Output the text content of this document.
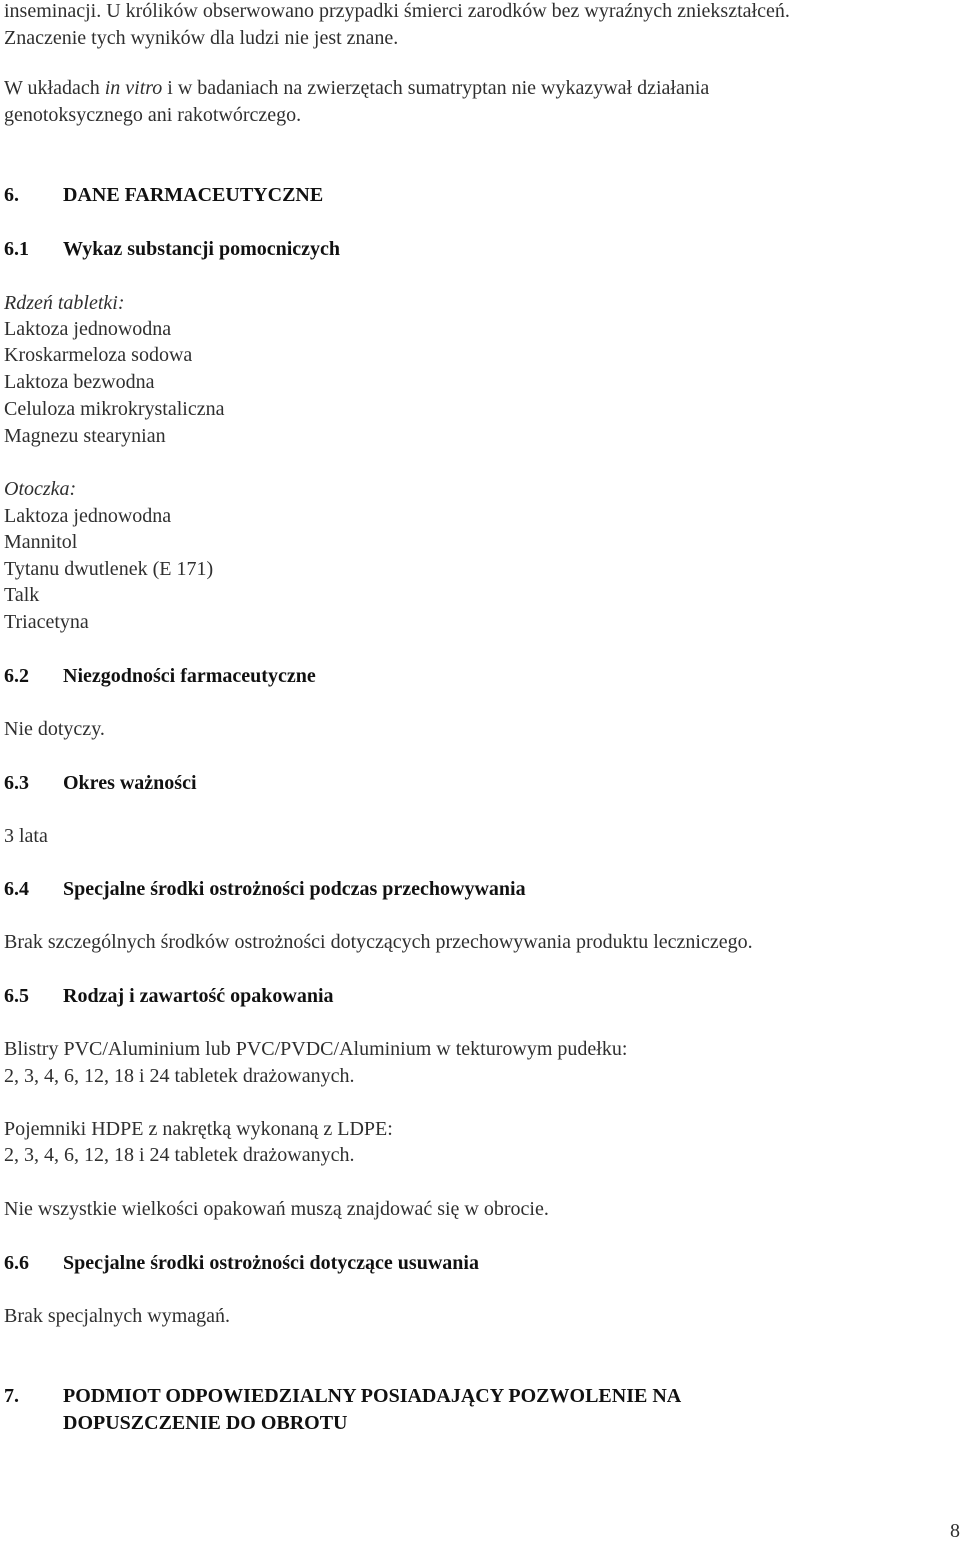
inseminacji. U królików obserwowano przypadki śmierci zarodków bez wyraźnych zniekształceń.
Znaczenie tych wyników dla ludzi nie jest znane.
W układach in vitro i w badaniach na zwierzętach sumatryptan nie wykazywał działania
genotoksycznego ani rakotwórczego.
6. DANE FARMACEUTYCZNE
6.1 Wykaz substancji pomocniczych
Rdzeń tabletki:
Laktoza jednowodna
Kroskarmeloza sodowa
Laktoza bezwodna
Celuloza mikrokrystaliczna
Magnezu stearynian
Otoczka:
Laktoza jednowodna
Mannitol
Tytanu dwutlenek (E 171)
Talk
Triacetyna
6.2 Niezgodności farmaceutyczne
Nie dotyczy.
6.3 Okres ważności
3 lata
6.4 Specjalne środki ostrożności podczas przechowywania
Brak szczególnych środków ostrożności dotyczących przechowywania produktu leczniczego.
6.5 Rodzaj i zawartość opakowania
Blistry PVC/Aluminium lub PVC/PVDC/Aluminium w tekturowym pudełku:
2, 3, 4, 6, 12, 18 i 24 tabletek drażowanych.
Pojemniki HDPE z nakrętką wykonaną z LDPE:
2, 3, 4, 6, 12, 18 i 24 tabletek drażowanych.
Nie wszystkie wielkości opakowań muszą znajdować się w obrocie.
6.6 Specjalne środki ostrożności dotyczące usuwania
Brak specjalnych wymagań.
7. PODMIOT ODPOWIEDZIALNY POSIADAJĄCY POZWOLENIE NA
DOPUSZCZENIE DO OBROTU
8
